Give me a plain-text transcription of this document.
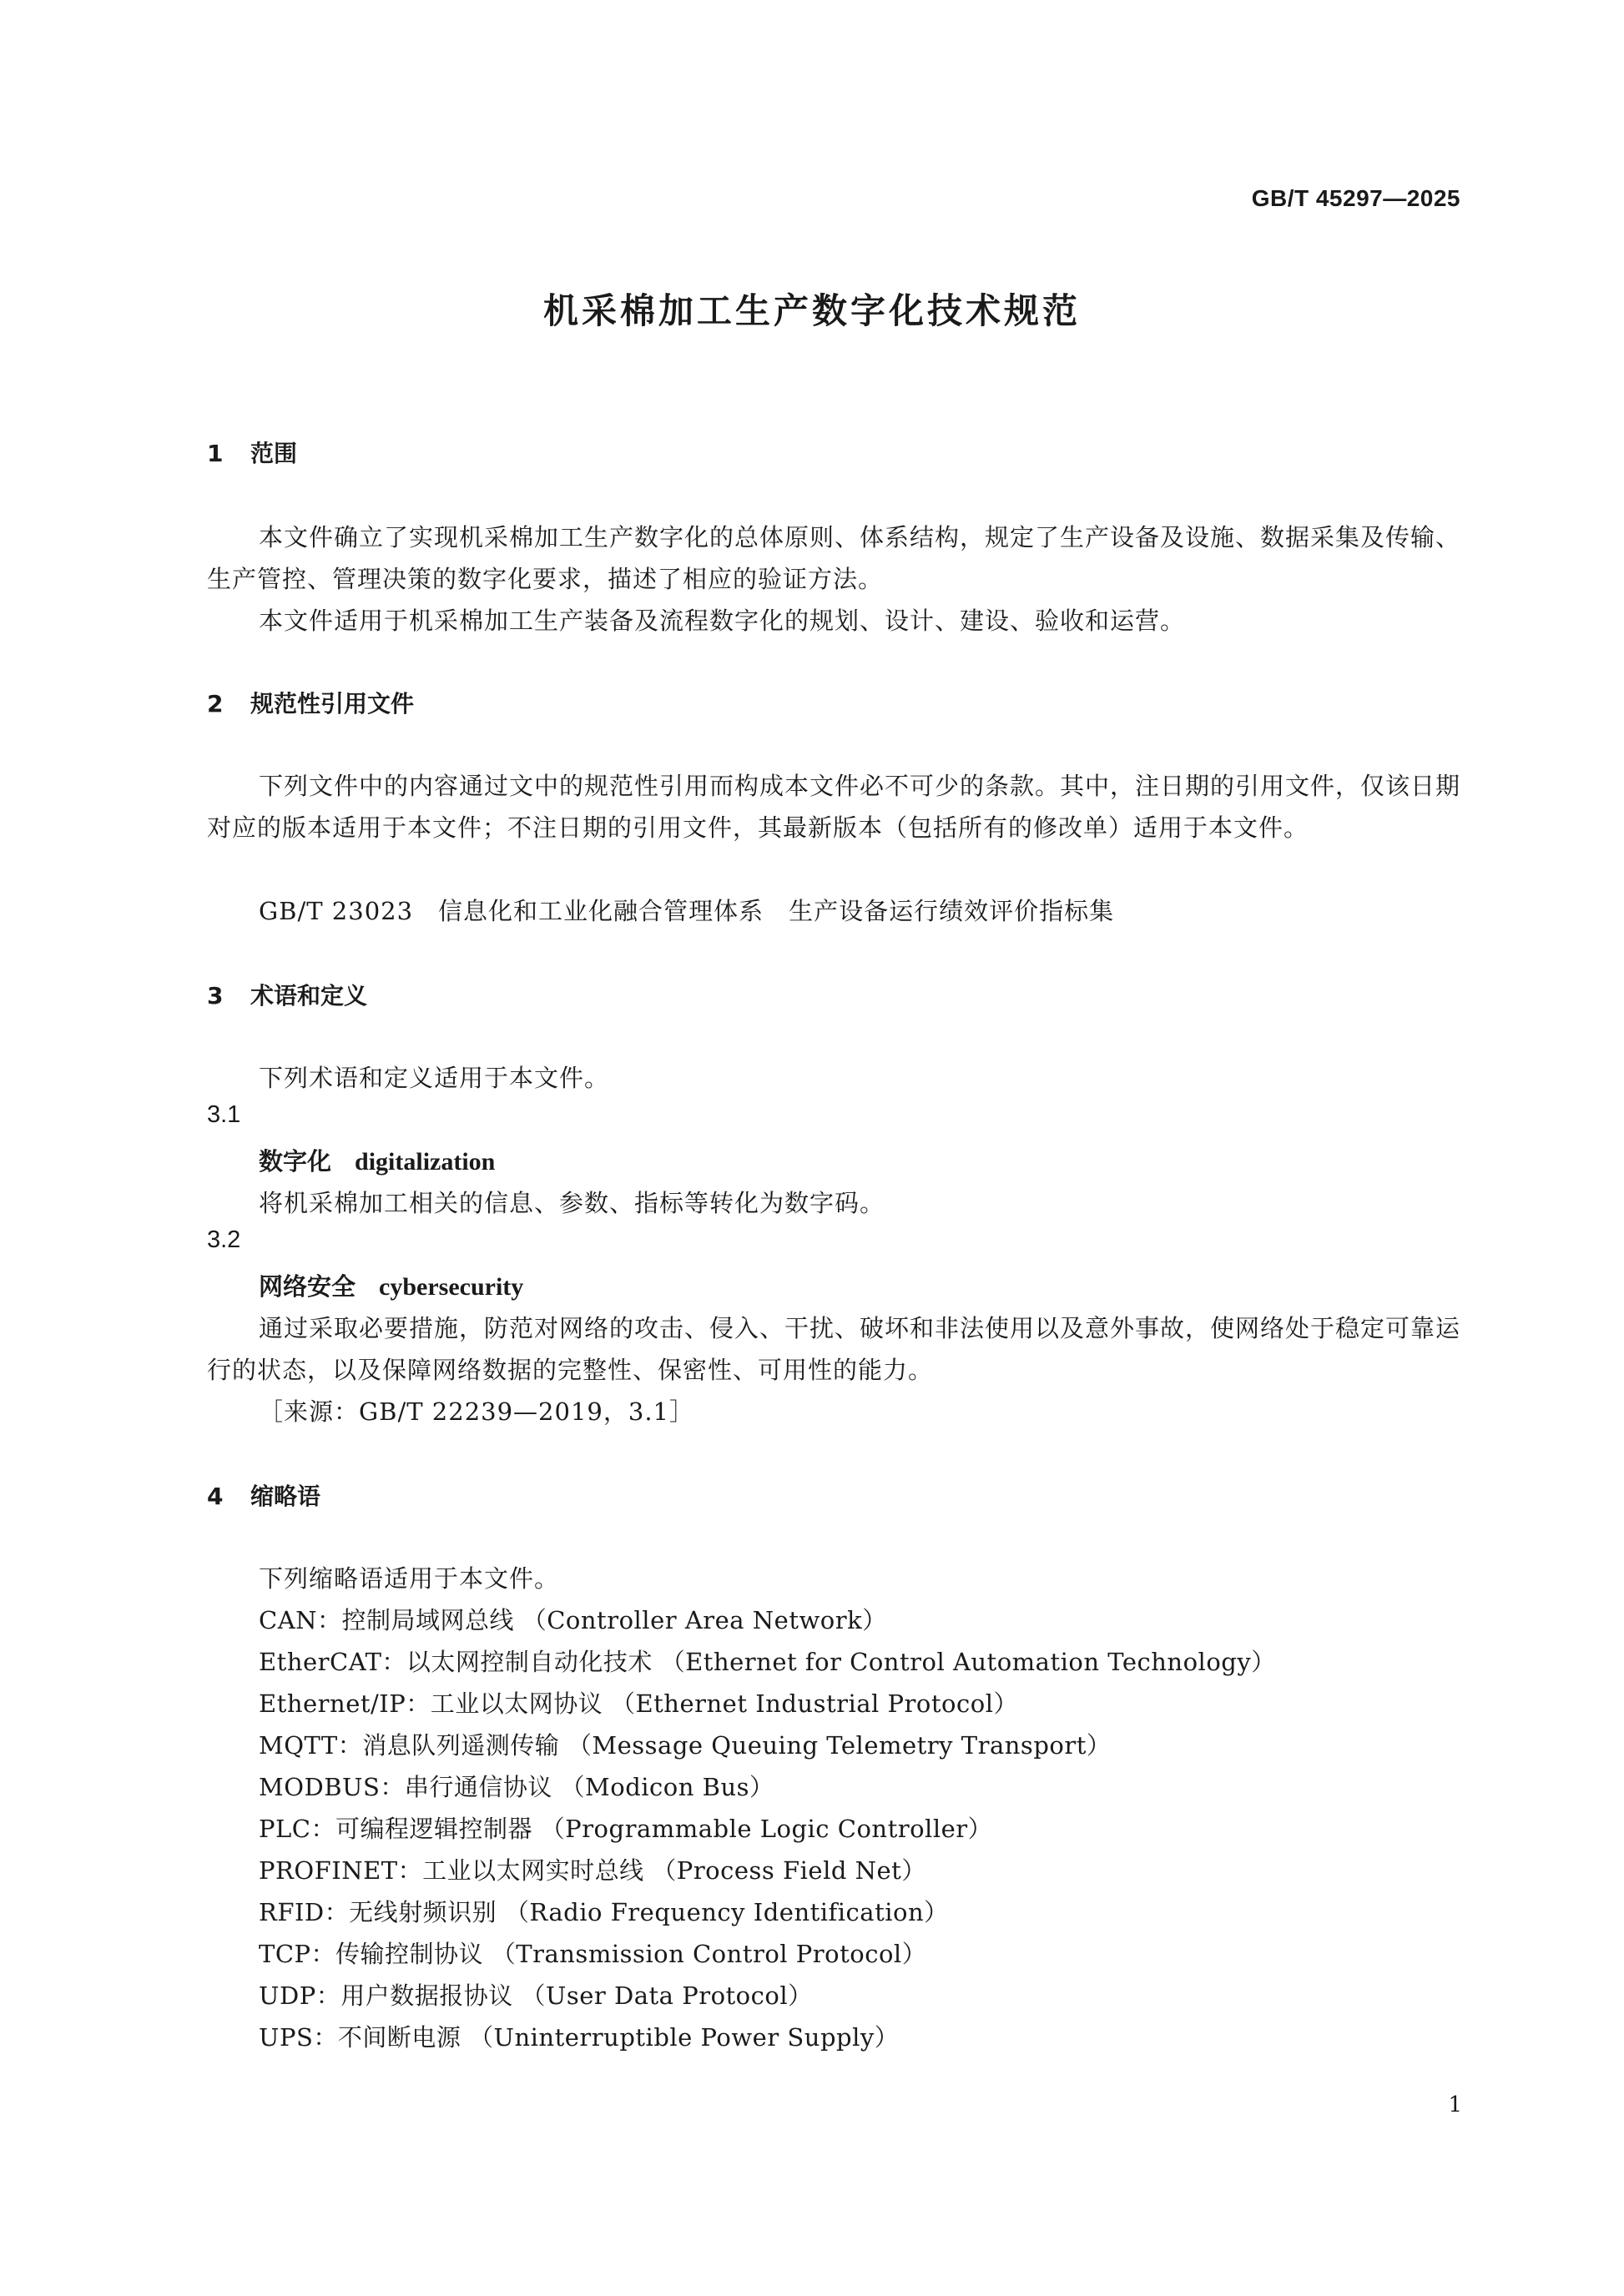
GB/T 45297—2025
机采棉加工生产数字化技术规范
1 范围
本文件确立了实现机采棉加工生产数字化的总体原则、体系结构，规定了生产设备及设施、数据采集及传输、生产管控、管理决策的数字化要求，描述了相应的验证方法。
本文件适用于机采棉加工生产装备及流程数字化的规划、设计、建设、验收和运营。
2 规范性引用文件
下列文件中的内容通过文中的规范性引用而构成本文件必不可少的条款。其中，注日期的引用文件，仅该日期对应的版本适用于本文件；不注日期的引用文件，其最新版本（包括所有的修改单）适用于本文件。
GB/T 23023　信息化和工业化融合管理体系　生产设备运行绩效评价指标集
3 术语和定义
下列术语和定义适用于本文件。
3.1
数字化 digitalization
将机采棉加工相关的信息、参数、指标等转化为数字码。
3.2
网络安全 cybersecurity
通过采取必要措施，防范对网络的攻击、侵入、干扰、破坏和非法使用以及意外事故，使网络处于稳定可靠运行的状态，以及保障网络数据的完整性、保密性、可用性的能力。
［来源：GB/T 22239—2019，3.1］
4 缩略语
下列缩略语适用于本文件。
CAN：控制局域网总线 （Controller Area Network）
EtherCAT：以太网控制自动化技术 （Ethernet for Control Automation Technology）
Ethernet/IP：工业以太网协议 （Ethernet Industrial Protocol）
MQTT：消息队列遥测传输 （Message Queuing Telemetry Transport）
MODBUS：串行通信协议 （Modicon Bus）
PLC：可编程逻辑控制器 （Programmable Logic Controller）
PROFINET：工业以太网实时总线 （Process Field Net）
RFID：无线射频识别 （Radio Frequency Identification）
TCP：传输控制协议 （Transmission Control Protocol）
UDP：用户数据报协议 （User Data Protocol）
UPS：不间断电源 （Uninterruptible Power Supply）
1
